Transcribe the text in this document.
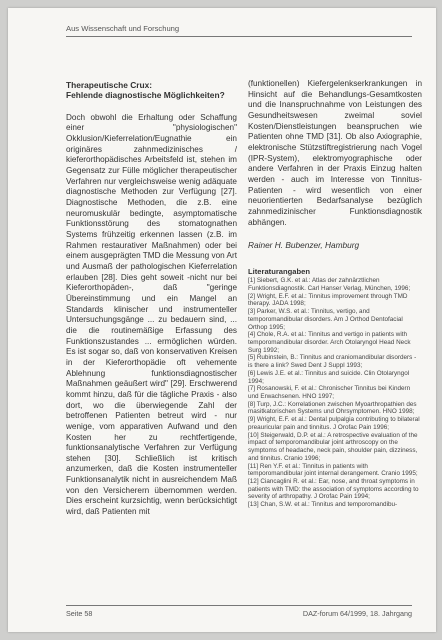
Aus Wissenschaft und Forschung
Therapeutische Crux:
Fehlende diagnostische Möglichkeiten?

Doch obwohl die Erhaltung oder Schaffung einer "physiologischen" Okklusion/Kieferrelation/Eugnathie ein originäres zahnmedizinisches / kieferorthopädisches Arbeitsfeld ist, stehen im Gegensatz zur Fülle möglicher therapeutischer Verfahren nur vergleichsweise wenig adäquate diagnostische Methoden zur Verfügung [27]. Diagnostische Methoden, die z.B. eine neuromuskulär bedingte, asymptomatische Funktionsstörung des stomatognathen Systems frühzeitig erkennen lassen (z.B. im Rahmen restaurativer Maßnahmen) oder bei einem ausgeprägten TMD die Messung von Art und Ausmaß der pathologischen Kieferrelation erlauben [28]. Dies geht soweit -nicht nur bei Kieferorthopäden-, daß "geringe Übereinstimmung und ein Mangel an Standards klinischer und instrumenteller Untersuchungsgänge ... zu bedauern sind, ... die die routinemäßige Erfassung des Funktionszustandes ... ermöglichen würden. Es ist sogar so, daß von konservativen Kreisen in der Kieferorthopädie oft vehemente Ablehnung funktionsdiagnostischer Maßnahmen geäußert wird" [29]. Erschwerend kommt hinzu, daß für die tägliche Praxis - also dort, wo die überwiegende Zahl der betroffenen Patienten betreut wird - nur wenige, vom apparativen Aufwand und den Kosten her zu rechtfertigende, funktionsanalytische Verfahren zur Verfügung stehen [30]. Schließlich ist kritisch anzumerken, daß die Kosten instrumenteller Funktionsanalytik nicht in ausreichendem Maß von den Versicherern übernommen werden. Dies erscheint kurzsichtig, wenn berücksichtigt wird, daß Patienten mit

(funktionellen) Kiefergelenkserkrankungen in Hinsicht auf die Behandlungs-Gesamtkosten und die Inanspruchnahme von Leistungen des Gesundheitswesen zweimal soviel Kosten/Dienstleistungen beanspruchen wie Patienten ohne TMD [31]. Ob also Axiographie, elektronische Stützstiftregistrierung nach Vogel (IPR-System), elektromyographische oder andere Verfahren in der Praxis Einzug halten werden - auch im Interesse von Tinnitus-Patienten - wird wesentlich von einer neuorientierten Bedarfsanalyse bezüglich zahnmedizinischer Funktionsdiagnostik abhängen.

Rainer H. Bubenzer, Hamburg
Literaturangaben
[1] Siebert, G.K. et al.: Atlas der zahnärztlichen Funktionsdiagnostik. Carl Hanser Verlag, München, 1996;
[2] Wright, E.F. et al.: Tinnitus improvement through TMD therapy. JADA 1998;
[3] Parker, W.S. et al.: Tinnitus, vertigo, and temporomandibular disorders. Am J Orthod Dentofacial Orthop 1995;
[4] Chole, R.A. et al.: Tinnitus and vertigo in patients with temporomandibular disorder. Arch Otolaryngol Head Neck Surg 1992;
[5] Rubinstein, B.: Tinnitus and craniomandibular disorders - is there a link? Swed Dent J Suppl 1993;
[6] Lewis J.E. et al.: Tinnitus and suicide. Clin Otolaryngol 1994;
[7] Rosanowski, F. et al.: Chronischer Tinnitus bei Kindern und Erwachsenen. HNO 1997;
[8] Turp, J.C.: Korrelationen zwischen Myoarthropathien des masitkatorischen Systems und Ohrsymptomen. HNO 1998;
[9] Wright, E.F. et al.: Dental pulpalgia contributing to bilateral preauricular pain and tinnitus. J Orofac Pain 1996;
[10] Steigerwald, D.P. et al.: A retrospective evaluation of the impact of temporomandibular joint arthroscopy on the symptoms of headache, neck pain, shoulder pain, dizziness, and tinnitus. Cranio 1996;
[11] Ren Y.F. et al.: Tinnitus in patients with temporomandibular joint internal derangement. Cranio 1995;
[12] Ciancaglini R. et al.: Ear, nose, and throat symptoms in patients with TMD: the association of symptoms according to severity of arthropathy. J Orofac Pain 1994;
[13] Chan, S.W. et al.: Tinnitus and temporomandibu-
Seite 58	DAZ-forum 64/1999, 18. Jahrgang
